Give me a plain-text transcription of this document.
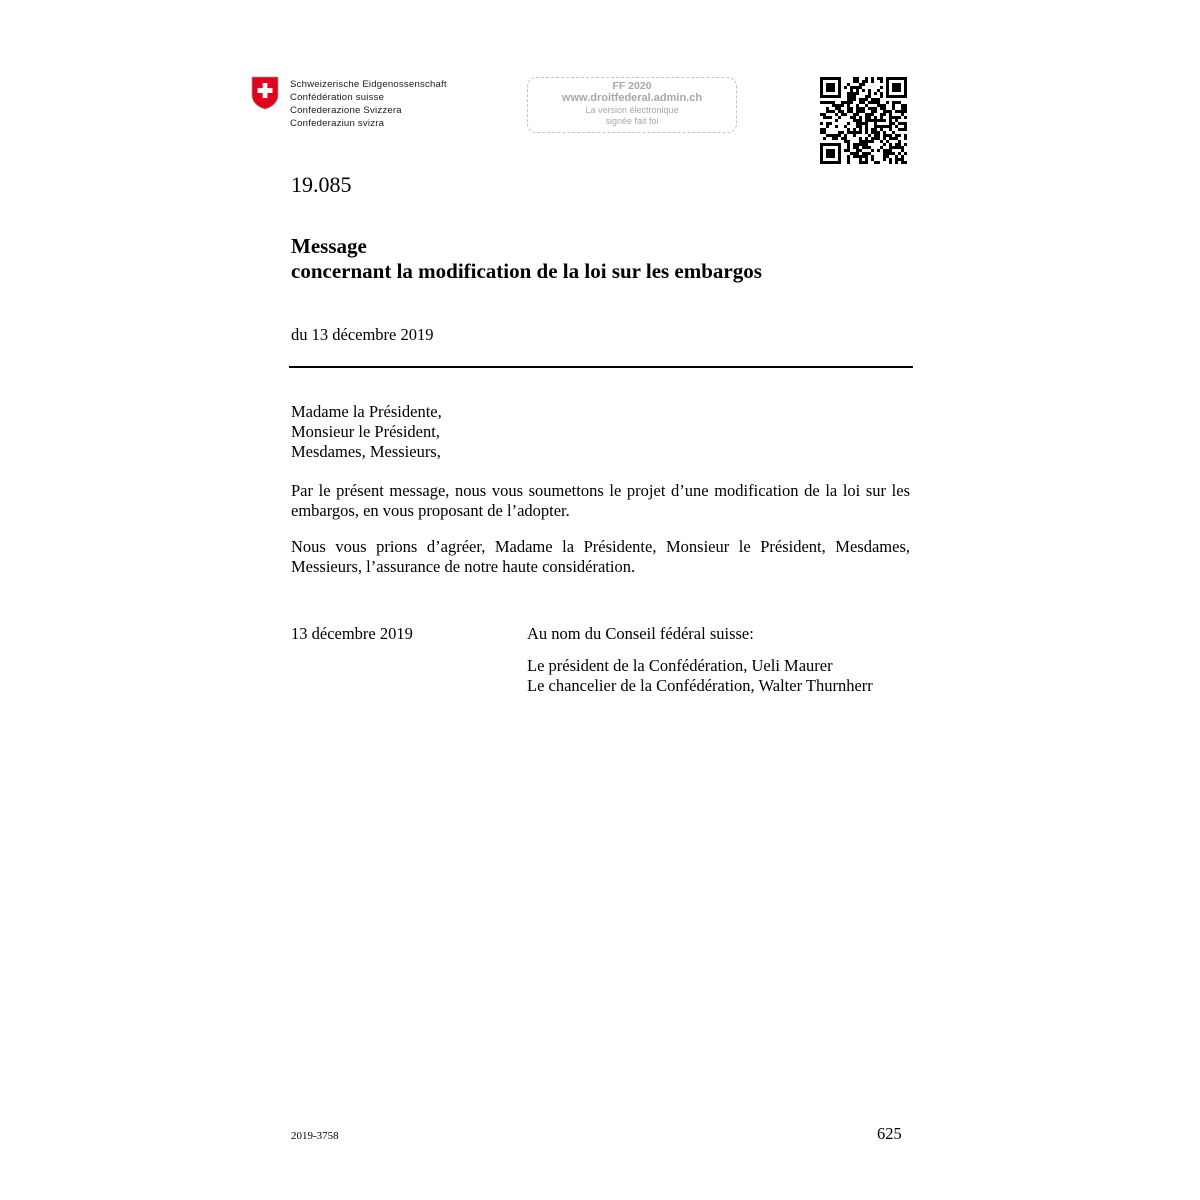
Schweizerische Eidgenossenschaft
Confédération suisse
Confederazione Svizzera
Confederaziun svizra
FF 2020
www.droitfederal.admin.ch
La version électronique
signée fait foi
19.085
Message
concernant la modification de la loi sur les embargos
du 13 décembre 2019
Madame la Présidente,
Monsieur le Président,
Mesdames, Messieurs,
Par le présent message, nous vous soumettons le projet d’une modification de la loi sur les embargos, en vous proposant de l’adopter.
Nous vous prions d’agréer, Madame la Présidente, Monsieur le Président, Mesdames, Messieurs, l’assurance de notre haute considération.
13 décembre 2019	Au nom du Conseil fédéral suisse:
Le président de la Confédération, Ueli Maurer
Le chancelier de la Confédération, Walter Thurnherr
2019-3758	625
